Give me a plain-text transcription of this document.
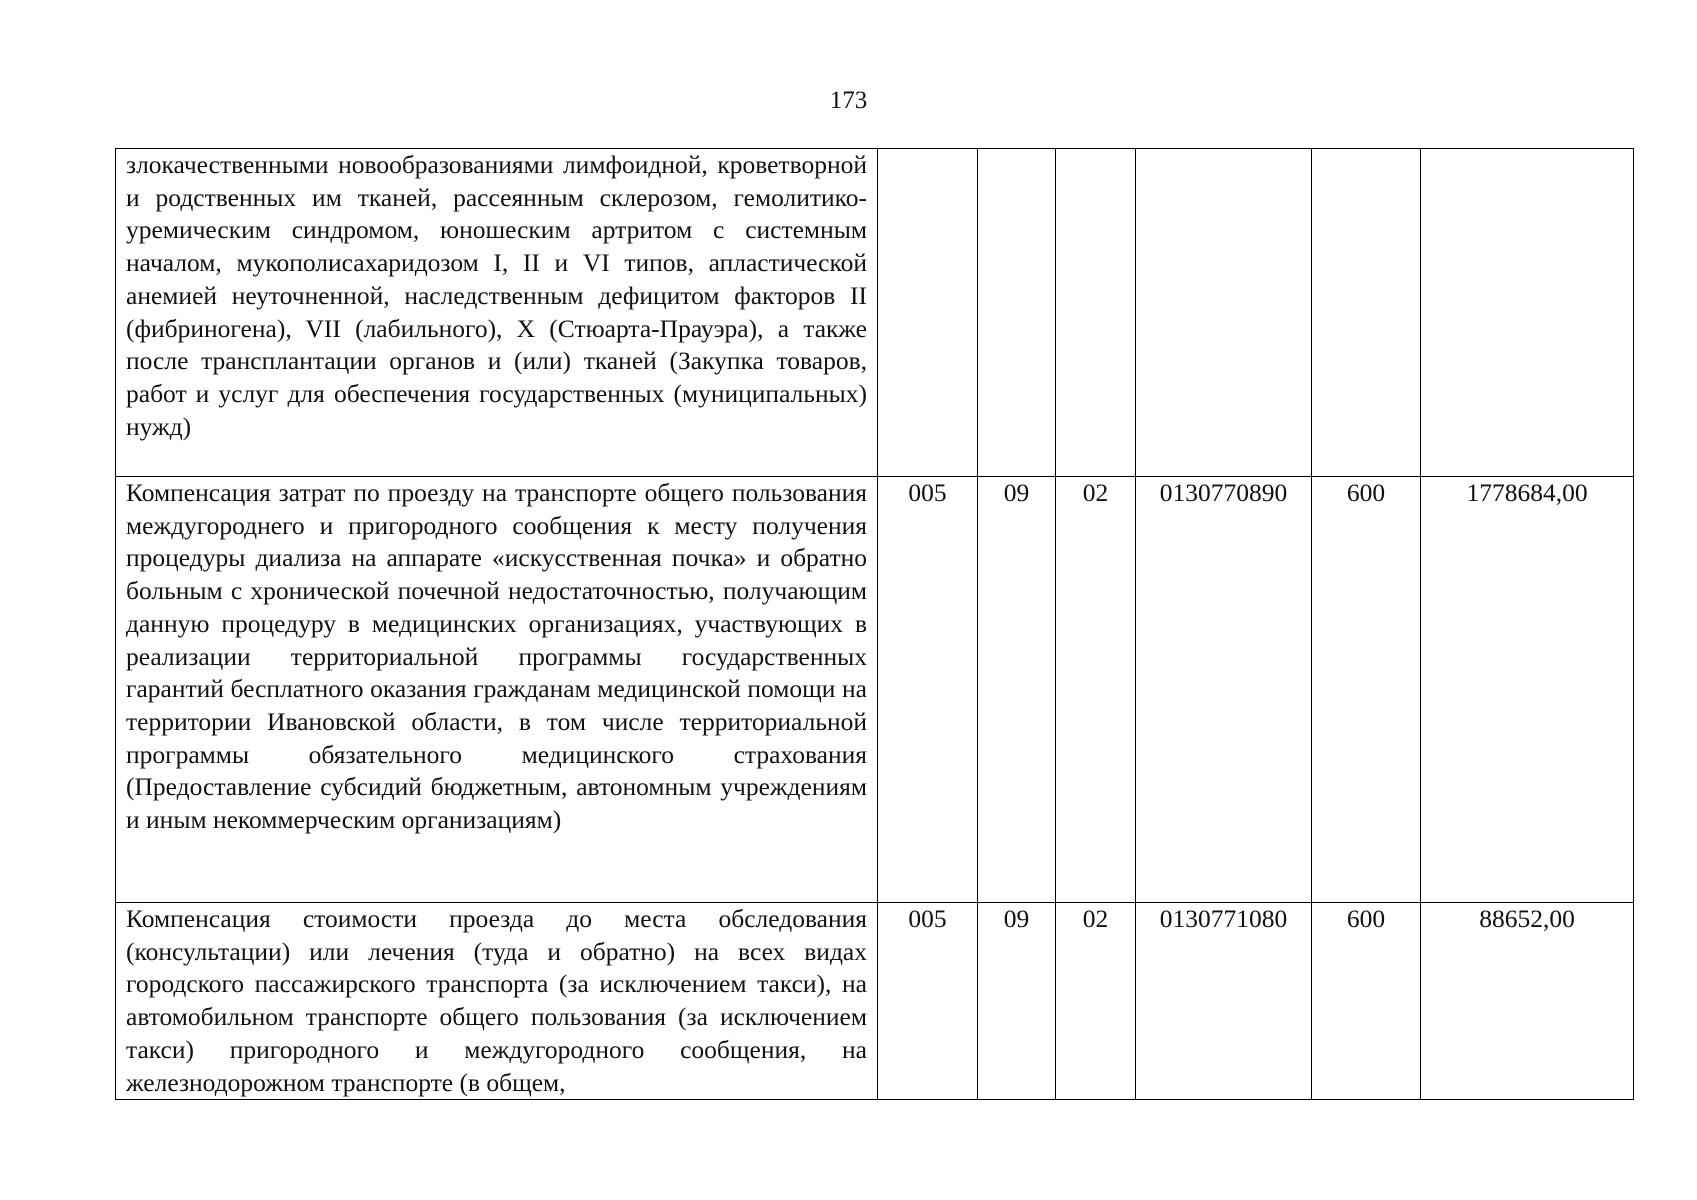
173
злокачественными новообразованиями лимфоидной, кроветворной и родственных им тканей, рассеянным склерозом, гемолитико-уремическим синдромом, юношеским артритом с системным началом, мукополисахаридозом I, II и VI типов, апластической анемией неуточненной, наследственным дефицитом факторов II (фибриногена), VII (лабильного), X (Стюарта-Прауэра), а также после трансплантации органов и (или) тканей (Закупка товаров, работ и услуг для обеспечения государственных (муниципальных) нужд)						
Компенсация затрат по проезду на транспорте общего пользования междугороднего и пригородного сообщения к месту получения процедуры диализа на аппарате «искусственная почка» и обратно больным с хронической почечной недостаточностью, получающим данную процедуру в медицинских организациях, участвующих в реализации территориальной программы государственных гарантий бесплатного оказания гражданам медицинской помощи на территории Ивановской области, в том числе территориальной программы обязательного медицинского страхования (Предоставление субсидий бюджетным, автономным учреждениям и иным некоммерческим организациям)	005	09	02	0130770890	600	1778684,00
Компенсация стоимости проезда до места обследования (консультации) или лечения (туда и обратно) на всех видах городского пассажирского транспорта (за исключением такси), на автомобильном транспорте общего пользования (за исключением такси) пригородного и междугородного сообщения, на железнодорожном транспорте (в общем,	005	09	02	0130771080	600	88652,00
